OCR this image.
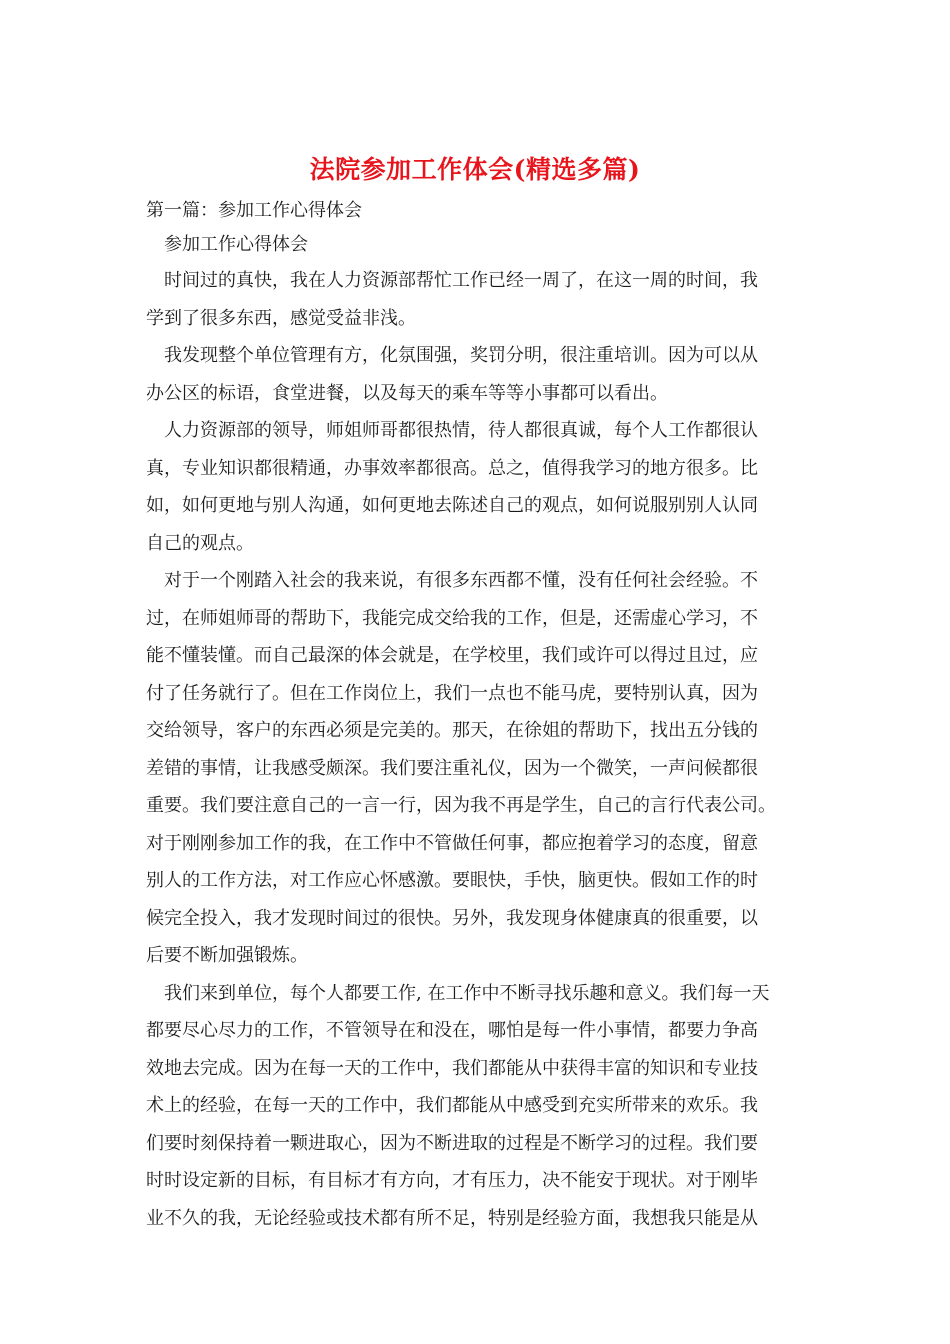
法院参加工作体会(精选多篇)
第一篇：参加工作心得体会
参加工作心得体会
时间过的真快，我在人力资源部帮忙工作已经一周了，在这一周的时间，我
学到了很多东西，感觉受益非浅。
我发现整个单位管理有方，化氛围强，奖罚分明，很注重培训。因为可以从
办公区的标语，食堂进餐，以及每天的乘车等等小事都可以看出。
人力资源部的领导，师姐师哥都很热情，待人都很真诚，每个人工作都很认
真，专业知识都很精通，办事效率都很高。总之，值得我学习的地方很多。比
如，如何更地与别人沟通，如何更地去陈述自己的观点，如何说服别别人认同
自己的观点。
对于一个刚踏入社会的我来说，有很多东西都不懂，没有任何社会经验。不
过，在师姐师哥的帮助下，我能完成交给我的工作，但是，还需虚心学习，不
能不懂装懂。而自己最深的体会就是，在学校里，我们或许可以得过且过，应
付了任务就行了。但在工作岗位上，我们一点也不能马虎，要特别认真，因为
交给领导，客户的东西必须是完美的。那天，在徐姐的帮助下，找出五分钱的
差错的事情，让我感受颇深。我们要注重礼仪，因为一个微笑，一声问候都很
重要。我们要注意自己的一言一行，因为我不再是学生，自己的言行代表公司。
对于刚刚参加工作的我，在工作中不管做任何事，都应抱着学习的态度，留意
别人的工作方法，对工作应心怀感激。要眼快，手快，脑更快。假如工作的时
候完全投入，我才发现时间过的很快。另外，我发现身体健康真的很重要，以
后要不断加强锻炼。
我们来到单位，每个人都要工作, 在工作中不断寻找乐趣和意义。我们每一天
都要尽心尽力的工作，不管领导在和没在，哪怕是每一件小事情，都要力争高
效地去完成。因为在每一天的工作中，我们都能从中获得丰富的知识和专业技
术上的经验，在每一天的工作中，我们都能从中感受到充实所带来的欢乐。我
们要时刻保持着一颗进取心，因为不断进取的过程是不断学习的过程。我们要
时时设定新的目标，有目标才有方向，才有压力，决不能安于现状。对于刚毕
业不久的我，无论经验或技术都有所不足，特别是经验方面，我想我只能是从
